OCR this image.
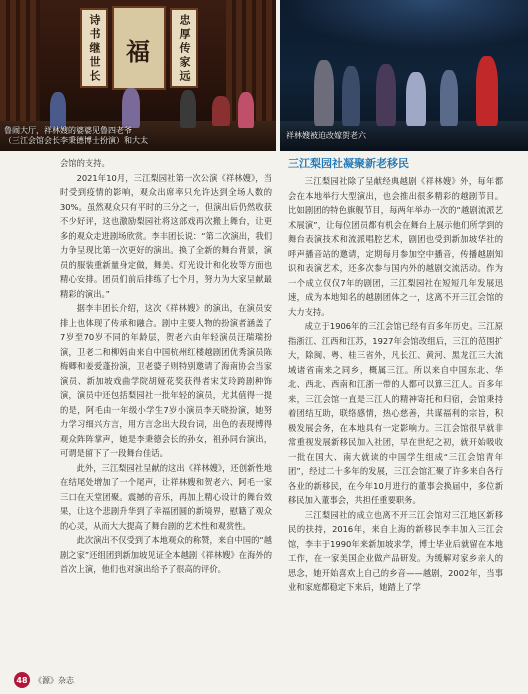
诗书继世长 福	忠厚传家远
鲁闹大厅，祥林嫂的婆婆见鲁四老爷
（三江会馆会长李秉德博士扮演）和大太
祥林嫂被迫改嫁贺老六

会馆的支持。

2021年10月，三江梨园社第一次公演《祥林嫂》，当时受到疫情的影响，观众出席率只允许达到全场人数的30%。虽然观众只有平时的三分之一，但演出后仍然收获不少好评，这也激励梨园社将这部戏再次搬上舞台，让更多的观众走进剧场欣赏。李丰团长说：“第二次演出，我们力争呈现比第一次更好的演出。换了全新的舞台背景，演员的服装重新量身定做，舞美、灯光设计和化妆等方面也精心安排。团员们前后排练了七个月，努力为大家呈献最精彩的演出。”

据李丰团长介绍，这次《祥林嫂》的演出，在演员安排上也体现了传承和融合。剧中主要人物的扮演者涵盖了7岁至70岁不同的年龄层，贺老六由年轻演员汪瑞瑞扮演，卫老二和柳妈由来自中国杭州红楼越剧团优秀演员陈梅卿和姜爱蓬扮演，卫老婆子则特别邀请了海南协会当家演员、新加坡戏曲学院胡娅花奖获得者宋艾玲跨剧种饰演，演员中还包括梨园社一批年轻的演员，尤其值得一提的是，阿毛由一年级小学生7岁小演员李天晓扮演，她努力学习细兴方言，用方言念出大段台词，出色的表现博得观众阵阵掌声，她是李秉德会长的孙女，祖孙同台演出，可谓是留下了一段舞台佳话。

此外，三江梨园社呈献的这出《祥林嫂》，还创新性地在结尾处增加了一个尾声，让祥林嫂和贺老六、阿毛一家三口在天堂团聚。震撼的音乐，再加上精心设计的舞台效果，让这个悲剧升华到了幸福团圆的新境界，慰籍了观众的心灵，从而大大提高了舞台剧的艺术性和观赏性。

此次演出不仅受到了本地观众的称赞，来自中国的“越剧之家”还组团到新加坡见证全本越剧《祥林嫂》在海外的首次上演，他们也对演出给予了很高的评价。

三江梨园社凝聚新老移民

三江梨园社除了呈献经典越剧《祥林嫂》外，每年都会在本地举行大型演出，也会推出很多精彩的越剧节目。比如剧团的特色旗舰节目，每两年举办一次的“越剧流派艺术展演”，让每位团员都有机会在舞台上展示他们所学到的舞台表演技术和流派唱腔艺术，剧团也受到新加坡华社的呼声播音站的邀请，定期每月参加空中播音，传播越剧知识和表演艺术，还多次参与国内外的越剧交流活动。作为一个成立仅仅7年的剧团，三江梨园社在短短几年发展迅速，成为本地知名的越剧团体之一，这离不开三江会馆的大力支持。

成立于1906年的三江会馆已经有百多年历史。三江原指浙江、江西和江苏，1927年会馆改组后，三江的范围扩大，除闽、粤、桂三省外，凡长江、黄河、黑龙江三大流域诸省南来之同乡，概属三江。所以来自中国东北、华北、西北、西南和江浙一带的人都可以算三江人。百多年来，三江会馆一直是三江人的精神寄托和归宿，会馆秉持着团结互助，联络感情，热心慈善，共谋福利的宗旨，积极发展会务，在本地具有一定影响力。三江会馆很早就非常重视发展新移民加入社团，早在世纪之初，就开始吸收一批在国大、南大就读的中国学生组成“三江会馆青年团”，经过二十多年的发展，三江会馆汇聚了许多来自各行各业的新移民，在今年10月进行的董事会换届中，多位新移民加入董事会，共担任重要职务。

三江梨园社的成立也离不开三江会馆对三江地区新移民的扶持，2016年，来自上海的新移民李丰加入三江会馆，李丰于1990年来新加坡求学，博士毕业后就留在本地工作，在一家美国企业做产品研发。为缓解对家乡亲人的思念，她开始喜欢上自己的乡音——越剧，2002年，当事业和家庭都稳定下来后，她踏上了学

48 《源》杂志
